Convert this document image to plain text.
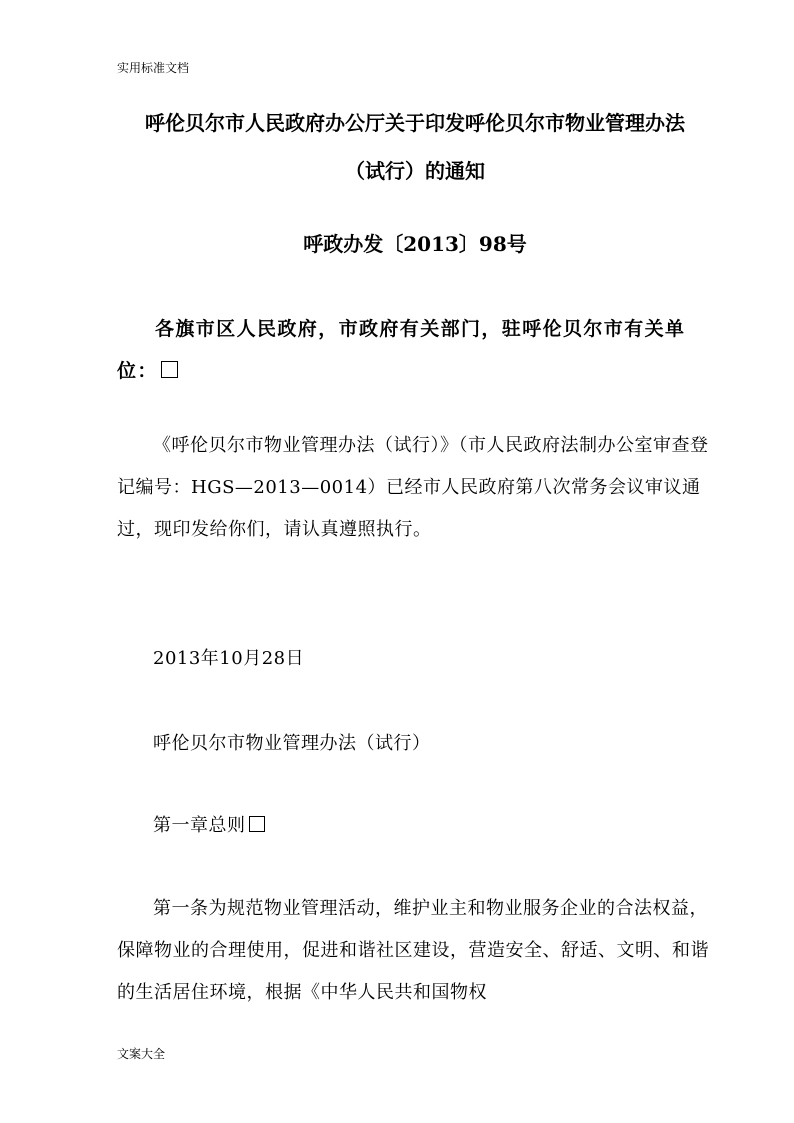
实用标准文档
呼伦贝尔市人民政府办公厅关于印发呼伦贝尔市物业管理办法
（试行）的通知
呼政办发〔2013〕98号
各旗市区人民政府，市政府有关部门，驻呼伦贝尔市有关单位：
《呼伦贝尔市物业管理办法（试行）》（市人民政府法制办公室审查登记编号：HGS—2013—0014）已经市人民政府第八次常务会议审议通过，现印发给你们，请认真遵照执行。
2013年10月28日
呼伦贝尔市物业管理办法（试行）
第一章总则
第一条为规范物业管理活动，维护业主和物业服务企业的合法权益，保障物业的合理使用，促进和谐社区建设，营造安全、舒适、文明、和谐的生活居住环境，根据《中华人民共和国物权
文案大全
